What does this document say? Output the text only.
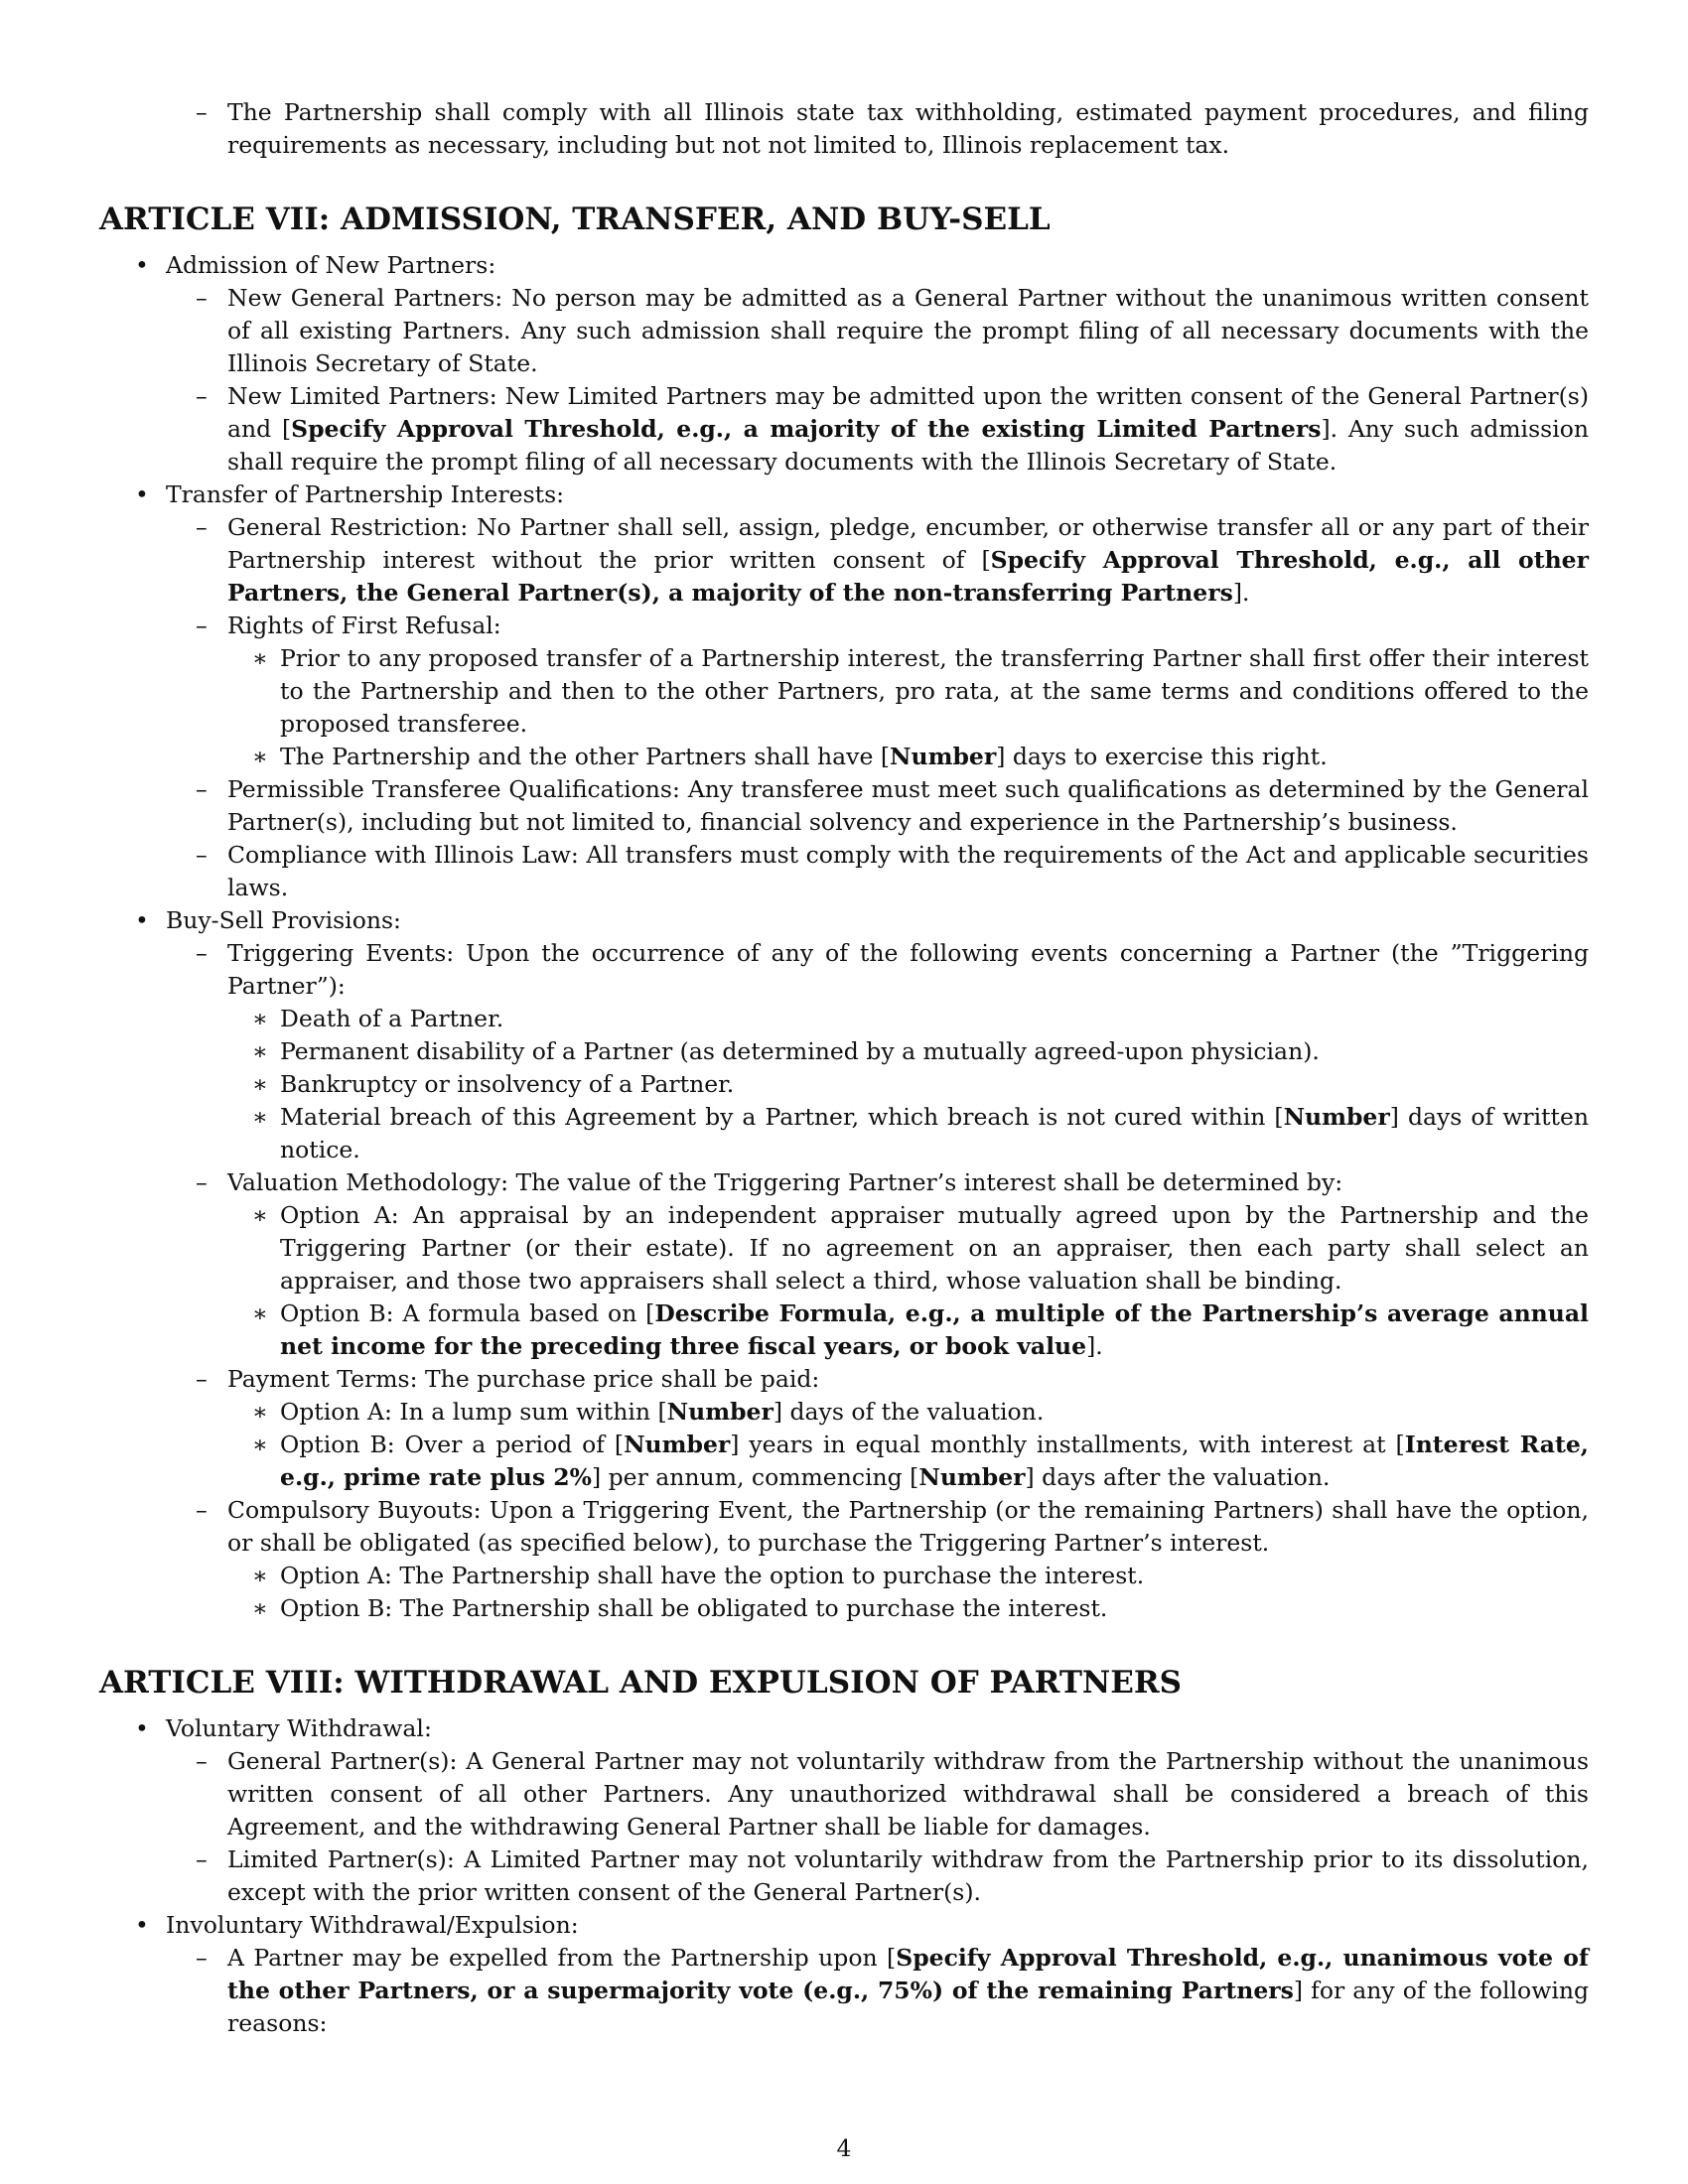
– The Partnership shall comply with all Illinois state tax withholding, estimated payment procedures, and filing requirements as necessary, including but not not limited to, Illinois replacement tax.
ARTICLE VII: ADMISSION, TRANSFER, AND BUY-SELL
• Admission of New Partners:
– New General Partners: No person may be admitted as a General Partner without the unanimous written consent of all existing Partners. Any such admission shall require the prompt filing of all necessary documents with the Illinois Secretary of State.
– New Limited Partners: New Limited Partners may be admitted upon the written consent of the General Partner(s) and [Specify Approval Threshold, e.g., a majority of the existing Limited Partners]. Any such admission shall require the prompt filing of all necessary documents with the Illinois Secretary of State.
• Transfer of Partnership Interests:
– General Restriction: No Partner shall sell, assign, pledge, encumber, or otherwise transfer all or any part of their Partnership interest without the prior written consent of [Specify Approval Threshold, e.g., all other Partners, the General Partner(s), a majority of the non-transferring Partners].
– Rights of First Refusal:
∗ Prior to any proposed transfer of a Partnership interest, the transferring Partner shall first offer their interest to the Partnership and then to the other Partners, pro rata, at the same terms and conditions offered to the proposed transferee.
∗ The Partnership and the other Partners shall have [Number] days to exercise this right.
– Permissible Transferee Qualifications: Any transferee must meet such qualifications as determined by the General Partner(s), including but not limited to, financial solvency and experience in the Partnership’s business.
– Compliance with Illinois Law: All transfers must comply with the requirements of the Act and applicable securities laws.
• Buy-Sell Provisions:
– Triggering Events: Upon the occurrence of any of the following events concerning a Partner (the ”Triggering Partner”):
∗ Death of a Partner.
∗ Permanent disability of a Partner (as determined by a mutually agreed-upon physician).
∗ Bankruptcy or insolvency of a Partner.
∗ Material breach of this Agreement by a Partner, which breach is not cured within [Number] days of written notice.
– Valuation Methodology: The value of the Triggering Partner’s interest shall be determined by:
∗ Option A: An appraisal by an independent appraiser mutually agreed upon by the Partnership and the Triggering Partner (or their estate). If no agreement on an appraiser, then each party shall select an appraiser, and those two appraisers shall select a third, whose valuation shall be binding.
∗ Option B: A formula based on [Describe Formula, e.g., a multiple of the Partnership’s average annual net income for the preceding three fiscal years, or book value].
– Payment Terms: The purchase price shall be paid:
∗ Option A: In a lump sum within [Number] days of the valuation.
∗ Option B: Over a period of [Number] years in equal monthly installments, with interest at [Interest Rate, e.g., prime rate plus 2%] per annum, commencing [Number] days after the valuation.
– Compulsory Buyouts: Upon a Triggering Event, the Partnership (or the remaining Partners) shall have the option, or shall be obligated (as specified below), to purchase the Triggering Partner’s interest.
∗ Option A: The Partnership shall have the option to purchase the interest.
∗ Option B: The Partnership shall be obligated to purchase the interest.
ARTICLE VIII: WITHDRAWAL AND EXPULSION OF PARTNERS
• Voluntary Withdrawal:
– General Partner(s): A General Partner may not voluntarily withdraw from the Partnership without the unanimous written consent of all other Partners. Any unauthorized withdrawal shall be considered a breach of this Agreement, and the withdrawing General Partner shall be liable for damages.
– Limited Partner(s): A Limited Partner may not voluntarily withdraw from the Partnership prior to its dissolution, except with the prior written consent of the General Partner(s).
• Involuntary Withdrawal/Expulsion:
– A Partner may be expelled from the Partnership upon [Specify Approval Threshold, e.g., unanimous vote of the other Partners, or a supermajority vote (e.g., 75%) of the remaining Partners] for any of the following reasons:
4
